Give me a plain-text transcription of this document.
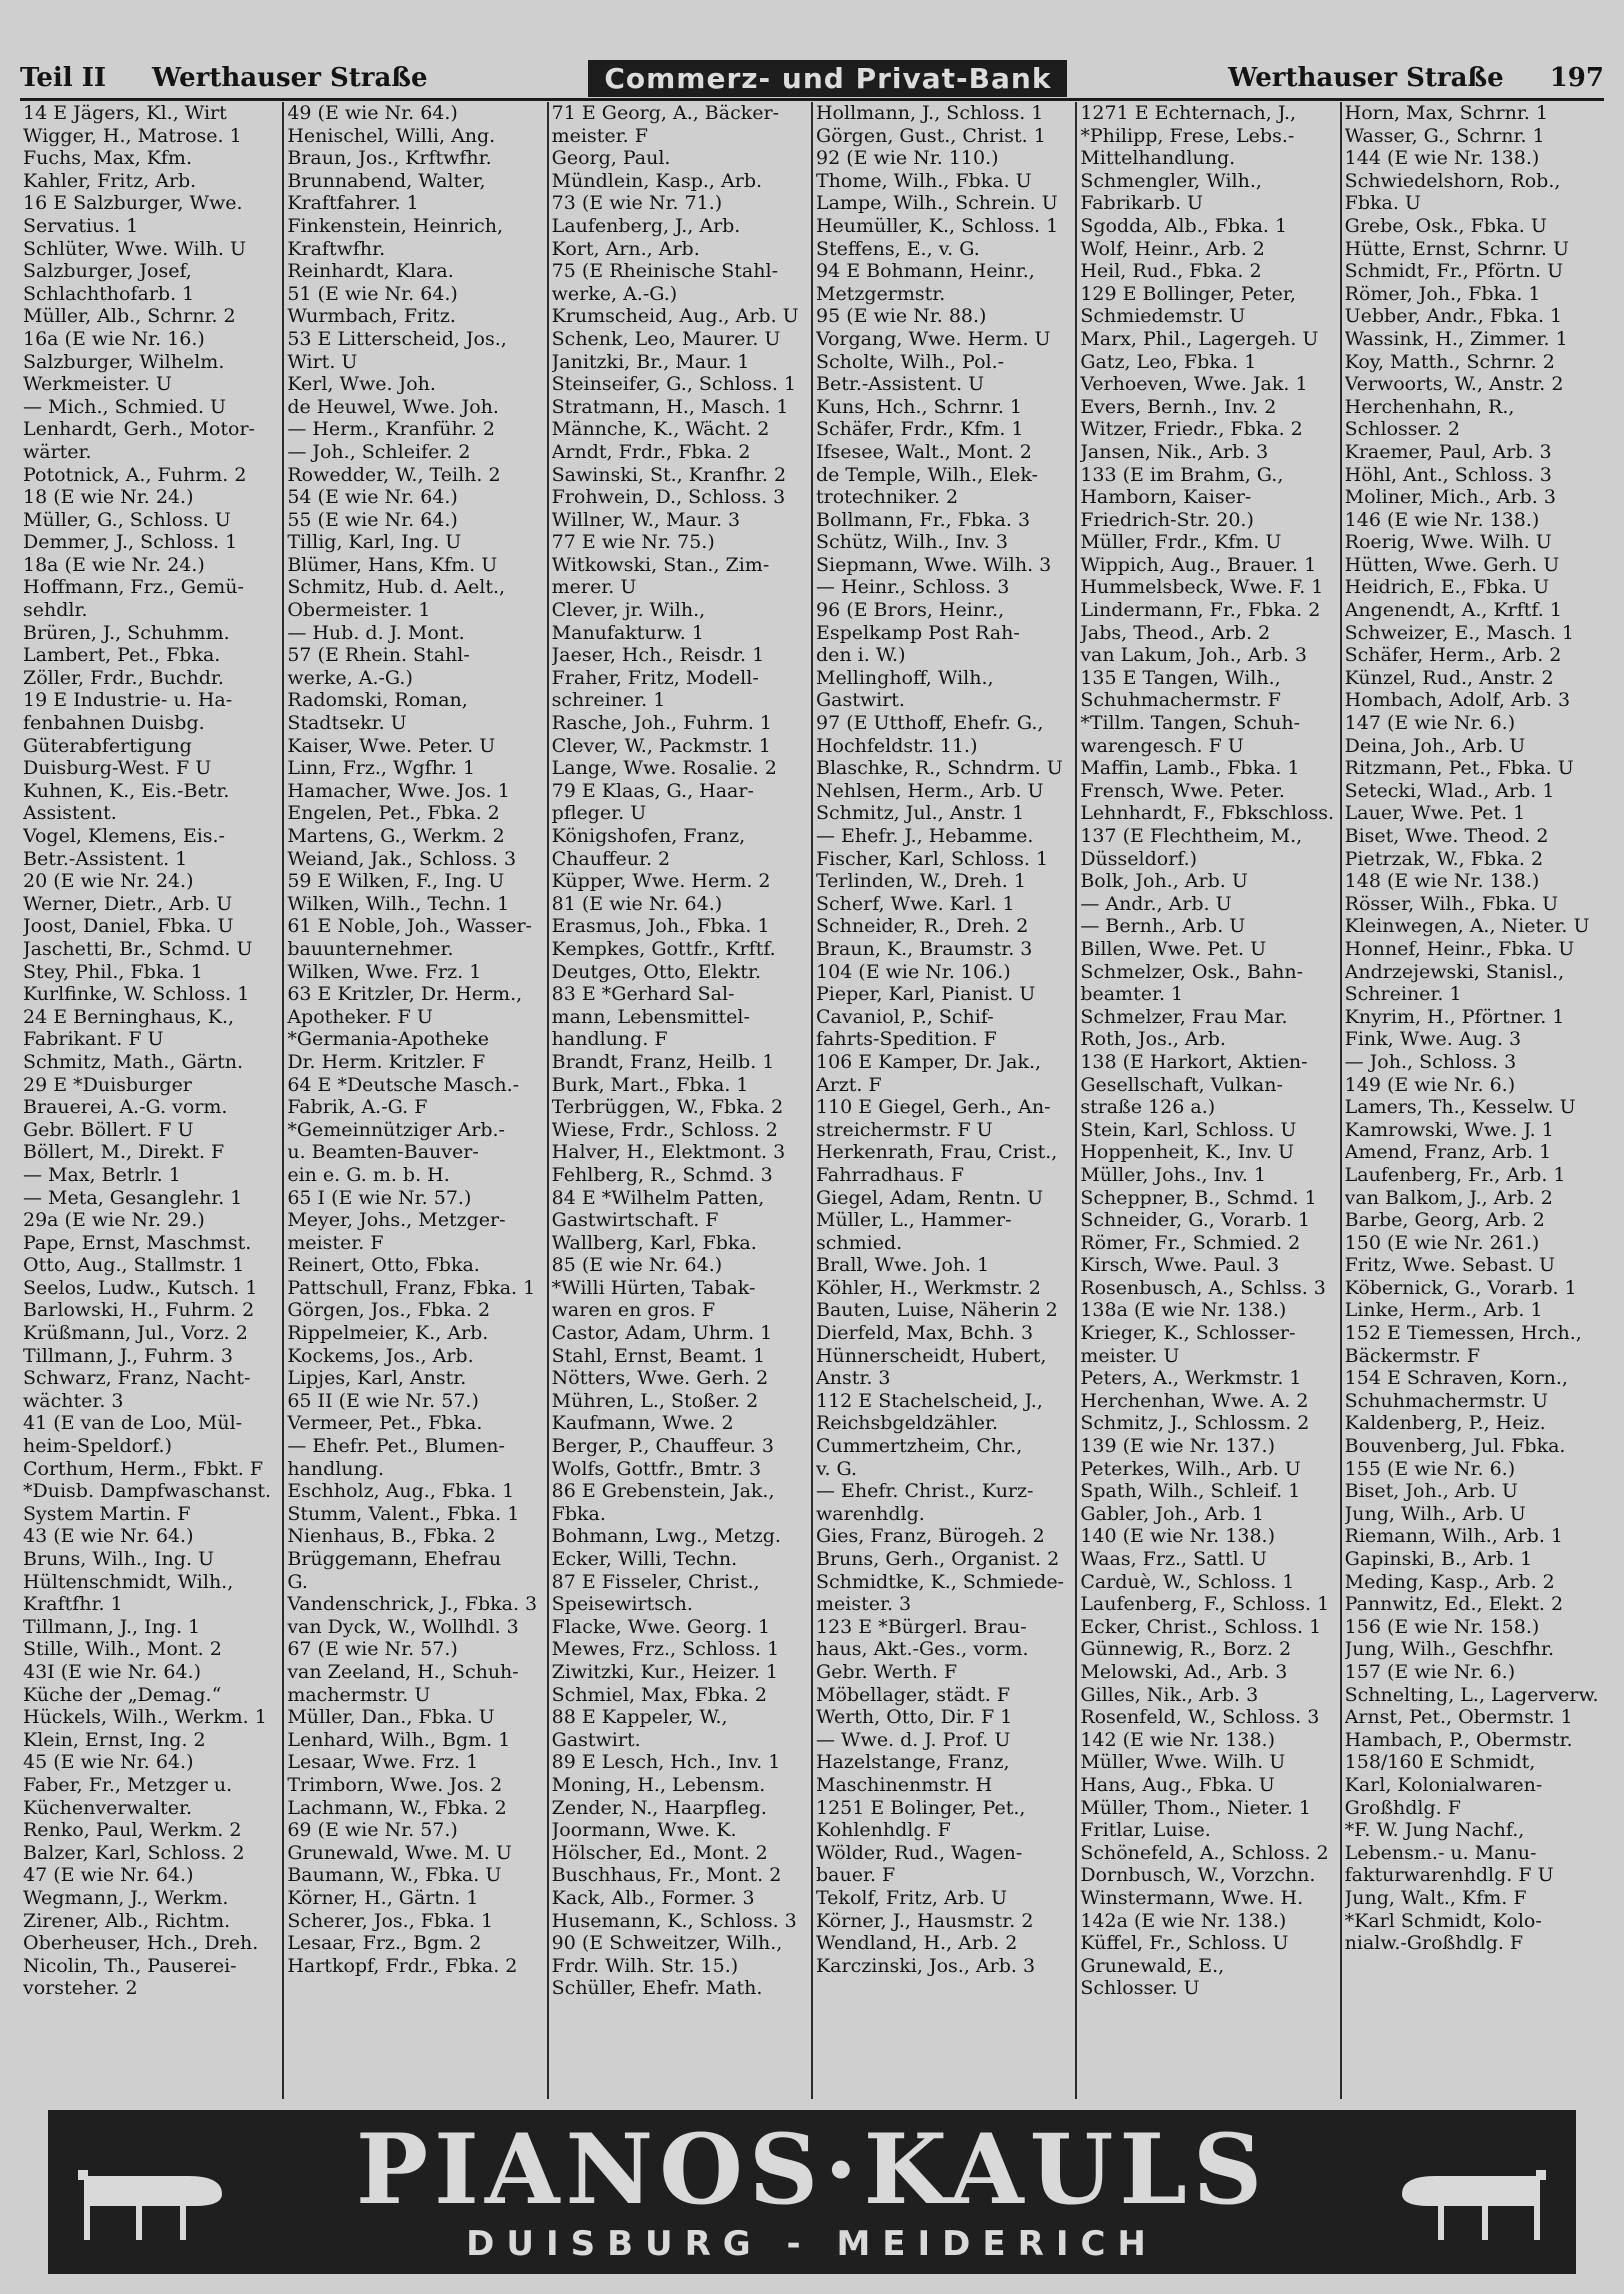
Teil II Werthauser Straße	Commerz- und Privat-Bank	Werthauser Straße 197
14 E Jägers, Kl., Wirt
Wigger, H., Matrose. 1
Fuchs, Max, Kfm.
Kahler, Fritz, Arb.
16 E Salzburger, Wwe.
Servatius. 1
Schlüter, Wwe. Wilh. U
Salzburger, Josef,
Schlachthofarb. 1
Müller, Alb., Schrnr. 2
16a (E wie Nr. 16.)
Salzburger, Wilhelm.
Werkmeister. U
— Mich., Schmied. U
Lenhardt, Gerh., Motor-
wärter.
Pototnick, A., Fuhrm. 2
18 (E wie Nr. 24.)
Müller, G., Schloss. U
Demmer, J., Schloss. 1
18a (E wie Nr. 24.)
Hoffmann, Frz., Gemü-
sehdlr.
Brüren, J., Schuhmm.
Lambert, Pet., Fbka.
Zöller, Frdr., Buchdr.
19 E Industrie- u. Ha-
fenbahnen Duisbg.
Güterabfertigung
Duisburg-West. F U
Kuhnen, K., Eis.-Betr.
Assistent.
Vogel, Klemens, Eis.-
Betr.-Assistent. 1
20 (E wie Nr. 24.)
Werner, Dietr., Arb. U
Joost, Daniel, Fbka. U
Jaschetti, Br., Schmd. U
Stey, Phil., Fbka. 1
Kurlfinke, W. Schloss. 1
24 E Berninghaus, K.,
Fabrikant. F U
Schmitz, Math., Gärtn.
29 E *Duisburger
Brauerei, A.-G. vorm.
Gebr. Böllert. F U
Böllert, M., Direkt. F
— Max, Betrlr. 1
— Meta, Gesanglehr. 1
29a (E wie Nr. 29.)
Pape, Ernst, Maschmst.
Otto, Aug., Stallmstr. 1
Seelos, Ludw., Kutsch. 1
Barlowski, H., Fuhrm. 2
Krüßmann, Jul., Vorz. 2
Tillmann, J., Fuhrm. 3
Schwarz, Franz, Nacht-
wächter. 3
41 (E van de Loo, Mül-
heim-Speldorf.)
Corthum, Herm., Fbkt. F
*Duisb. Dampfwaschanst.
System Martin. F
43 (E wie Nr. 64.)
Bruns, Wilh., Ing. U
Hültenschmidt, Wilh.,
Kraftfhr. 1
Tillmann, J., Ing. 1
Stille, Wilh., Mont. 2
43I (E wie Nr. 64.)
Küche der „Demag.“
Hückels, Wilh., Werkm. 1
Klein, Ernst, Ing. 2
45 (E wie Nr. 64.)
Faber, Fr., Metzger u.
Küchenverwalter.
Renko, Paul, Werkm. 2
Balzer, Karl, Schloss. 2
47 (E wie Nr. 64.)
Wegmann, J., Werkm.
Zirener, Alb., Richtm.
Oberheuser, Hch., Dreh.
Nicolin, Th., Pauserei-
vorsteher. 2
49 (E wie Nr. 64.)
Henischel, Willi, Ang.
Braun, Jos., Krftwfhr.
Brunnabend, Walter,
Kraftfahrer. 1
Finkenstein, Heinrich,
Kraftwfhr.
Reinhardt, Klara.
51 (E wie Nr. 64.)
Wurmbach, Fritz.
53 E Litterscheid, Jos.,
Wirt. U
Kerl, Wwe. Joh.
de Heuwel, Wwe. Joh.
— Herm., Kranführ. 2
— Joh., Schleifer. 2
Rowedder, W., Teilh. 2
54 (E wie Nr. 64.)
55 (E wie Nr. 64.)
Tillig, Karl, Ing. U
Blümer, Hans, Kfm. U
Schmitz, Hub. d. Aelt.,
Obermeister. 1
— Hub. d. J. Mont.
57 (E Rhein. Stahl-
werke, A.-G.)
Radomski, Roman,
Stadtsekr. U
Kaiser, Wwe. Peter. U
Linn, Frz., Wgfhr. 1
Hamacher, Wwe. Jos. 1
Engelen, Pet., Fbka. 2
Martens, G., Werkm. 2
Weiand, Jak., Schloss. 3
59 E Wilken, F., Ing. U
Wilken, Wilh., Techn. 1
61 E Noble, Joh., Wasser-
bauunternehmer.
Wilken, Wwe. Frz. 1
63 E Kritzler, Dr. Herm.,
Apotheker. F U
*Germania-Apotheke
Dr. Herm. Kritzler. F
64 E *Deutsche Masch.-
Fabrik, A.-G. F
*Gemeinnütziger Arb.-
u. Beamten-Bauver-
ein e. G. m. b. H.
65 I (E wie Nr. 57.)
Meyer, Johs., Metzger-
meister. F
Reinert, Otto, Fbka.
Pattschull, Franz, Fbka. 1
Görgen, Jos., Fbka. 2
Rippelmeier, K., Arb.
Kockems, Jos., Arb.
Lipjes, Karl, Anstr.
65 II (E wie Nr. 57.)
Vermeer, Pet., Fbka.
— Ehefr. Pet., Blumen-
handlung.
Eschholz, Aug., Fbka. 1
Stumm, Valent., Fbka. 1
Nienhaus, B., Fbka. 2
Brüggemann, Ehefrau
G.
Vandenschrick, J., Fbka. 3
van Dyck, W., Wollhdl. 3
67 (E wie Nr. 57.)
van Zeeland, H., Schuh-
machermstr. U
Müller, Dan., Fbka. U
Lenhard, Wilh., Bgm. 1
Lesaar, Wwe. Frz. 1
Trimborn, Wwe. Jos. 2
Lachmann, W., Fbka. 2
69 (E wie Nr. 57.)
Grunewald, Wwe. M. U
Baumann, W., Fbka. U
Körner, H., Gärtn. 1
Scherer, Jos., Fbka. 1
Lesaar, Frz., Bgm. 2
Hartkopf, Frdr., Fbka. 2
71 E Georg, A., Bäcker-
meister. F
Georg, Paul.
Mündlein, Kasp., Arb.
73 (E wie Nr. 71.)
Laufenberg, J., Arb.
Kort, Arn., Arb.
75 (E Rheinische Stahl-
werke, A.-G.)
Krumscheid, Aug., Arb. U
Schenk, Leo, Maurer. U
Janitzki, Br., Maur. 1
Steinseifer, G., Schloss. 1
Stratmann, H., Masch. 1
Männche, K., Wächt. 2
Arndt, Frdr., Fbka. 2
Sawinski, St., Kranfhr. 2
Frohwein, D., Schloss. 3
Willner, W., Maur. 3
77 E wie Nr. 75.)
Witkowski, Stan., Zim-
merer. U
Clever, jr. Wilh.,
Manufakturw. 1
Jaeser, Hch., Reisdr. 1
Fraher, Fritz, Modell-
schreiner. 1
Rasche, Joh., Fuhrm. 1
Clever, W., Packmstr. 1
Lange, Wwe. Rosalie. 2
79 E Klaas, G., Haar-
pfleger. U
Königshofen, Franz,
Chauffeur. 2
Küpper, Wwe. Herm. 2
81 (E wie Nr. 64.)
Erasmus, Joh., Fbka. 1
Kempkes, Gottfr., Krftf.
Deutges, Otto, Elektr.
83 E *Gerhard Sal-
mann, Lebensmittel-
handlung. F
Brandt, Franz, Heilb. 1
Burk, Mart., Fbka. 1
Terbrüggen, W., Fbka. 2
Wiese, Frdr., Schloss. 2
Halver, H., Elektmont. 3
Fehlberg, R., Schmd. 3
84 E *Wilhelm Patten,
Gastwirtschaft. F
Wallberg, Karl, Fbka.
85 (E wie Nr. 64.)
*Willi Hürten, Tabak-
waren en gros. F
Castor, Adam, Uhrm. 1
Stahl, Ernst, Beamt. 1
Nötters, Wwe. Gerh. 2
Mühren, L., Stoßer. 2
Kaufmann, Wwe. 2
Berger, P., Chauffeur. 3
Wolfs, Gottfr., Bmtr. 3
86 E Grebenstein, Jak.,
Fbka.
Bohmann, Lwg., Metzg.
Ecker, Willi, Techn.
87 E Fisseler, Christ.,
Speisewirtsch.
Flacke, Wwe. Georg. 1
Mewes, Frz., Schloss. 1
Ziwitzki, Kur., Heizer. 1
Schmiel, Max, Fbka. 2
88 E Kappeler, W.,
Gastwirt.
89 E Lesch, Hch., Inv. 1
Moning, H., Lebensm.
Zender, N., Haarpfleg.
Joormann, Wwe. K.
Hölscher, Ed., Mont. 2
Buschhaus, Fr., Mont. 2
Kack, Alb., Former. 3
Husemann, K., Schloss. 3
90 (E Schweitzer, Wilh.,
Frdr. Wilh. Str. 15.)
Schüller, Ehefr. Math.
Hollmann, J., Schloss. 1
Görgen, Gust., Christ. 1
92 (E wie Nr. 110.)
Thome, Wilh., Fbka. U
Lampe, Wilh., Schrein. U
Heumüller, K., Schloss. 1
Steffens, E., v. G.
94 E Bohmann, Heinr.,
Metzgermstr.
95 (E wie Nr. 88.)
Vorgang, Wwe. Herm. U
Scholte, Wilh., Pol.-
Betr.-Assistent. U
Kuns, Hch., Schrnr. 1
Schäfer, Frdr., Kfm. 1
Ifsesee, Walt., Mont. 2
de Temple, Wilh., Elek-
trotechniker. 2
Bollmann, Fr., Fbka. 3
Schütz, Wilh., Inv. 3
Siepmann, Wwe. Wilh. 3
— Heinr., Schloss. 3
96 (E Brors, Heinr.,
Espelkamp Post Rah-
den i. W.)
Mellinghoff, Wilh.,
Gastwirt.
97 (E Utthoff, Ehefr. G.,
Hochfeldstr. 11.)
Blaschke, R., Schndrm. U
Nehlsen, Herm., Arb. U
Schmitz, Jul., Anstr. 1
— Ehefr. J., Hebamme.
Fischer, Karl, Schloss. 1
Terlinden, W., Dreh. 1
Scherf, Wwe. Karl. 1
Schneider, R., Dreh. 2
Braun, K., Braumstr. 3
104 (E wie Nr. 106.)
Pieper, Karl, Pianist. U
Cavaniol, P., Schif-
fahrts-Spedition. F
106 E Kamper, Dr. Jak.,
Arzt. F
110 E Giegel, Gerh., An-
streichermstr. F U
Herkenrath, Frau, Crist.,
Fahrradhaus. F
Giegel, Adam, Rentn. U
Müller, L., Hammer-
schmied.
Brall, Wwe. Joh. 1
Köhler, H., Werkmstr. 2
Bauten, Luise, Näherin 2
Dierfeld, Max, Bchh. 3
Hünnerscheidt, Hubert,
Anstr. 3
112 E Stachelscheid, J.,
Reichsbgeldzähler.
Cummertzheim, Chr.,
v. G.
— Ehefr. Christ., Kurz-
warenhdlg.
Gies, Franz, Bürogeh. 2
Bruns, Gerh., Organist. 2
Schmidtke, K., Schmiede-
meister. 3
123 E *Bürgerl. Brau-
haus, Akt.-Ges., vorm.
Gebr. Werth. F
Möbellager, städt. F
Werth, Otto, Dir. F 1
— Wwe. d. J. Prof. U
Hazelstange, Franz,
Maschinenmstr. H
1251 E Bolinger, Pet.,
Kohlenhdlg. F
Wölder, Rud., Wagen-
bauer. F
Tekolf, Fritz, Arb. U
Körner, J., Hausmstr. 2
Wendland, H., Arb. 2
Karczinski, Jos., Arb. 3
1271 E Echternach, J.,
*Philipp, Frese, Lebs.-
Mittelhandlung.
Schmengler, Wilh.,
Fabrikarb. U
Sgodda, Alb., Fbka. 1
Wolf, Heinr., Arb. 2
Heil, Rud., Fbka. 2
129 E Bollinger, Peter,
Schmiedemstr. U
Marx, Phil., Lagergeh. U
Gatz, Leo, Fbka. 1
Verhoeven, Wwe. Jak. 1
Evers, Bernh., Inv. 2
Witzer, Friedr., Fbka. 2
Jansen, Nik., Arb. 3
133 (E im Brahm, G.,
Hamborn, Kaiser-
Friedrich-Str. 20.)
Müller, Frdr., Kfm. U
Wippich, Aug., Brauer. 1
Hummelsbeck, Wwe. F. 1
Lindermann, Fr., Fbka. 2
Jabs, Theod., Arb. 2
van Lakum, Joh., Arb. 3
135 E Tangen, Wilh.,
Schuhmachermstr. F
*Tillm. Tangen, Schuh-
warengesch. F U
Maffin, Lamb., Fbka. 1
Frensch, Wwe. Peter.
Lehnhardt, F., Fbkschloss.
137 (E Flechtheim, M.,
Düsseldorf.)
Bolk, Joh., Arb. U
— Andr., Arb. U
— Bernh., Arb. U
Billen, Wwe. Pet. U
Schmelzer, Osk., Bahn-
beamter. 1
Schmelzer, Frau Mar.
Roth, Jos., Arb.
138 (E Harkort, Aktien-
Gesellschaft, Vulkan-
straße 126 a.)
Stein, Karl, Schloss. U
Hoppenheit, K., Inv. U
Müller, Johs., Inv. 1
Scheppner, B., Schmd. 1
Schneider, G., Vorarb. 1
Römer, Fr., Schmied. 2
Kirsch, Wwe. Paul. 3
Rosenbusch, A., Schlss. 3
138a (E wie Nr. 138.)
Krieger, K., Schlosser-
meister. U
Peters, A., Werkmstr. 1
Herchenhan, Wwe. A. 2
Schmitz, J., Schlossm. 2
139 (E wie Nr. 137.)
Peterkes, Wilh., Arb. U
Spath, Wilh., Schleif. 1
Gabler, Joh., Arb. 1
140 (E wie Nr. 138.)
Waas, Frz., Sattl. U
Carduè, W., Schloss. 1
Laufenberg, F., Schloss. 1
Ecker, Christ., Schloss. 1
Günnewig, R., Borz. 2
Melowski, Ad., Arb. 3
Gilles, Nik., Arb. 3
Rosenfeld, W., Schloss. 3
142 (E wie Nr. 138.)
Müller, Wwe. Wilh. U
Hans, Aug., Fbka. U
Müller, Thom., Nieter. 1
Fritlar, Luise.
Schönefeld, A., Schloss. 2
Dornbusch, W., Vorzchn.
Winstermann, Wwe. H.
142a (E wie Nr. 138.)
Küffel, Fr., Schloss. U
Grunewald, E.,
Schlosser. U
Horn, Max, Schrnr. 1
Wasser, G., Schrnr. 1
144 (E wie Nr. 138.)
Schwiedelshorn, Rob.,
Fbka. U
Grebe, Osk., Fbka. U
Hütte, Ernst, Schrnr. U
Schmidt, Fr., Pförtn. U
Römer, Joh., Fbka. 1
Uebber, Andr., Fbka. 1
Wassink, H., Zimmer. 1
Koy, Matth., Schrnr. 2
Verwoorts, W., Anstr. 2
Herchenhahn, R.,
Schlosser. 2
Kraemer, Paul, Arb. 3
Höhl, Ant., Schloss. 3
Moliner, Mich., Arb. 3
146 (E wie Nr. 138.)
Roerig, Wwe. Wilh. U
Hütten, Wwe. Gerh. U
Heidrich, E., Fbka. U
Angenendt, A., Krftf. 1
Schweizer, E., Masch. 1
Schäfer, Herm., Arb. 2
Künzel, Rud., Anstr. 2
Hombach, Adolf, Arb. 3
147 (E wie Nr. 6.)
Deina, Joh., Arb. U
Ritzmann, Pet., Fbka. U
Setecki, Wlad., Arb. 1
Lauer, Wwe. Pet. 1
Biset, Wwe. Theod. 2
Pietrzak, W., Fbka. 2
148 (E wie Nr. 138.)
Rösser, Wilh., Fbka. U
Kleinwegen, A., Nieter. U
Honnef, Heinr., Fbka. U
Andrzejewski, Stanisl.,
Schreiner. 1
Knyrim, H., Pförtner. 1
Fink, Wwe. Aug. 3
— Joh., Schloss. 3
149 (E wie Nr. 6.)
Lamers, Th., Kesselw. U
Kamrowski, Wwe. J. 1
Amend, Franz, Arb. 1
Laufenberg, Fr., Arb. 1
van Balkom, J., Arb. 2
Barbe, Georg, Arb. 2
150 (E wie Nr. 261.)
Fritz, Wwe. Sebast. U
Köbernick, G., Vorarb. 1
Linke, Herm., Arb. 1
152 E Tiemessen, Hrch.,
Bäckermstr. F
154 E Schraven, Korn.,
Schuhmachermstr. U
Kaldenberg, P., Heiz.
Bouvenberg, Jul. Fbka.
155 (E wie Nr. 6.)
Biset, Joh., Arb. U
Jung, Wilh., Arb. U
Riemann, Wilh., Arb. 1
Gapinski, B., Arb. 1
Meding, Kasp., Arb. 2
Pannwitz, Ed., Elekt. 2
156 (E wie Nr. 158.)
Jung, Wilh., Geschfhr.
157 (E wie Nr. 6.)
Schnelting, L., Lagerverw.
Arnst, Pet., Obermstr. 1
Hambach, P., Obermstr.
158/160 E Schmidt,
Karl, Kolonialwaren-
Großhdlg. F
*F. W. Jung Nachf.,
Lebensm.- u. Manu-
fakturwarenhdlg. F U
Jung, Walt., Kfm. F
*Karl Schmidt, Kolo-
nialw.-Großhdlg. F
PIANOS·KAULS
DUISBURG - MEIDERICH
